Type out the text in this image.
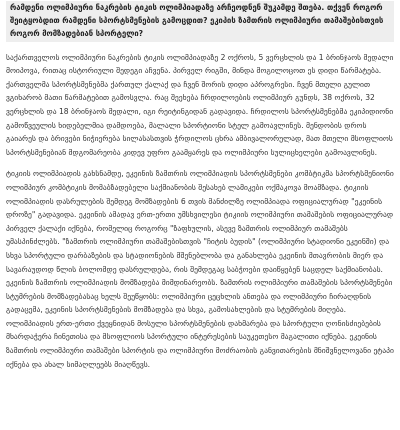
რამდენი ოლიმპიური ნაკრების ტიკის ოლიმპიადაზე არჩეოდნენ შუკამდე შთება. თქვენ როგორ შეიტყობდით რამდენი სპორტსმენების გამოცდით? ეკიპის ზამთრის ოლიმპიური თამაშებისთვის როგორ მომზადებიან სპორტელი?

საქართველოს ოლიმპიური ნაკრების ტიკის ოლიმპიადაზე 2 ოქროს, 5 ვერცხლის და 1 ბრინჯაოს მედალი მოიპოვა, რითაც ისტორიული შედეგი აჩვენა. პირველ რიგში, მინდა მოგილოცოთ ეს დიდი წარმატება. ქართველმა სპორტსმენებმა ქართულ ქალაქ და ჩვენ შორის დიდი აპროგრესი. ჩვენ მთელი გულით ვგიხარობ მათი წარმატებით გამოსვლა. რაც შეეხება ჩრდილოების ოლიმპიურ გუნდს, 38 ოქროს, 32 ვერცხლის და 18 ბრინჯაოს მედალი, იგი რეიტინგიდან გადავიდა. ჩრდილოს სპორტსმენებმა ეკიპიდიონი გამოწვეულის ხიდებელმია დამდოება, მალალი სპორტიონი სტელ გამოავლინეს. მენდობის დროს გაიარეს და ბრივები ნიჭიერება სილასასთვის ჭრდილოს ცხრა ამბივალორულად, მათ მთელი მსოფლიოს სპორტსმენებიან მდგომარეობა კიდევ უფრო გაამყარეს და ოლიმპიური სულიცხელები გამოავლინეს.

ტიკიის ოლიმპიადის გახსნამდე, ეკეინის ზამთრის ოლიმპიადის სპორტსმენები კომბტიკმა სპორტსმენიონი ოლიმპიურ კომბტიკის მომაბზადებელი საქმიანობის შესახებ ლამიკები ოქმაკოვა მოამზადა. ტიკიის ოლიმპიადის დასრულების შემდეგ მომზადების 6 თვის მანძილზე ოლიმპიადა ოფიციალურად "ეკეინის დროზე" გადავიდა. ეკეინის ამადავ ერთ-ერთი უმსხვილესი ტიკიის ოლიმპიური თამაშების ოფიციალურად პირველ ქალაქი იქნება, რომელიც როგორც "ზაფხულის, ასევე ზამთრის ოლიმპიურ თამაშებს უმასპინძლებს. "ზამთრის ოლიმპიური თამაშებისთვის "ჩიტის ბუდის" (ოლიმპიური სტადიონი ეკეინში) და სხვა სპორტული დარბაზების და სტადიონების მშენებლობა და განახლება ეკეინის მთავრობის მიერ და სავარაუდოდ წლის ბოლომდე დასრულდება, რის შემდეგაც საბჭოები დაიწყებენ საცდელ საქმიანობას. ეკეინის ზამთრის ოლიმპიადის მომზადება მიმდინარეობს. ზამთრის ოლიმპიური თამაშების სპორტსმენები სტუმრების მომზადებასაც ხელს შეუწყობს: ოლიმპიური ცეცხლის ანთება და ოლიმპიური ჩირაღდნის გადაცემა, ეკეინის სპორტსმენების მომზადება და სხვა, გამოსახლების და სტუმრების მიღება. ოლიმპიადის ერთ-ერთი ქვეყნიდან მოსული სპორტსმენების დახმარება და სპორტული ღონისძიებების მხარდაჭერა ჩინეთისა და მსოფლიოს სპორტული ინტერესების საუკეთესო მაგალითი იქნება. ეკეინის ზამთრის ოლიმპიური თამაშები სპორტის და ოლიმპიური მოძრაობის განვითარების მნიშვნელოვანი ეტაპი იქნება და ახალ სიმაღლეებს მიაღწევს.
